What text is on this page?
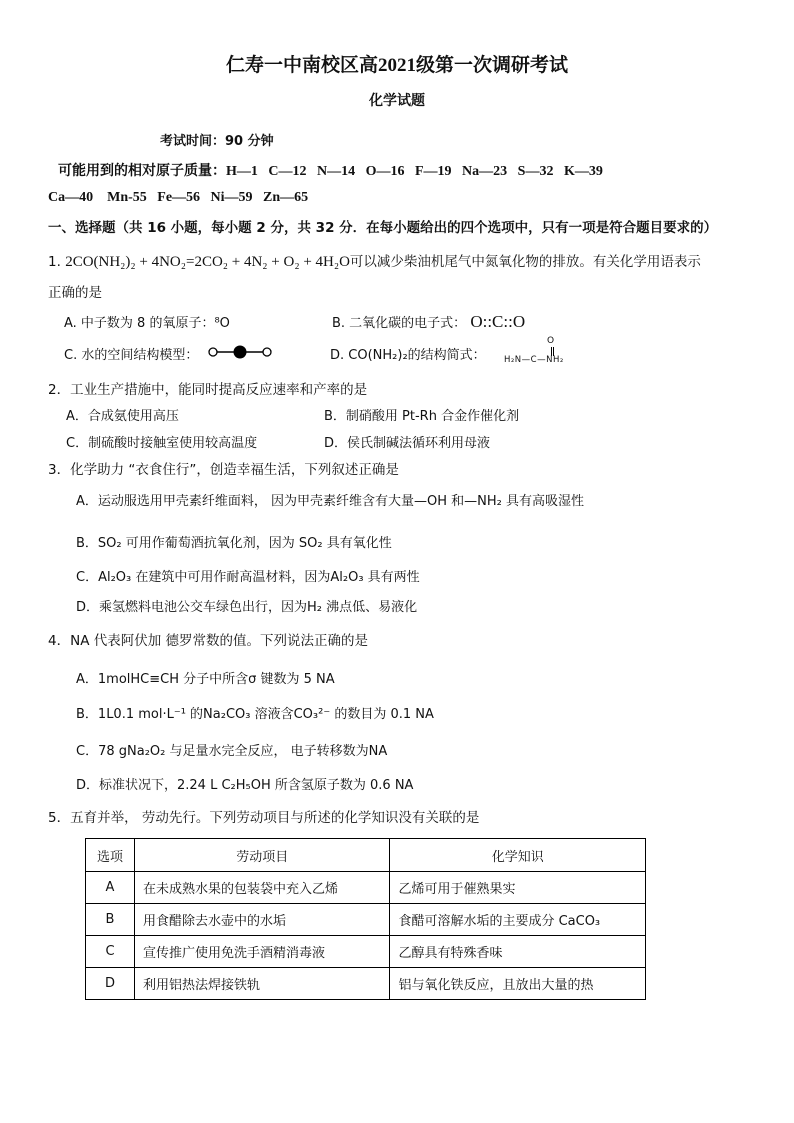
仁寿一中南校区高2021级第一次调研考试
化学试题
考试时间：90 分钟
可能用到的相对原子质量：H—1   C—12   N—14   O—16   F—19   Na—23   S—32   K—39
Ca—40    Mn-55   Fe—56   Ni—59   Zn—65
一、选择题（共 16 小题，每小题 2 分，共 32 分．在每小题给出的四个选项中，只有一项是符合题目要求的）
1. 2CO(NH₂)₂ + 4NO₂=2CO₂ + 4N₂ + O₂ + 4H₂O可以减少柴油机尾气中氮氧化物的排放。有关化学用语表示
正确的是
A. 中子数为 8 的氧原子：⁸O	B. 二氧化碳的电子式： O::C::O
C. 水的空间结构模型：	D. CO(NH₂)₂的结构简式：
O
H₂N—C—NH₂
2．工业生产措施中，能同时提高反应速率和产率的是
A．合成氨使用高压	B．制硝酸用 Pt-Rh 合金作催化剂
C．制硫酸时接触室使用较高温度	D．侯氏制碱法循环利用母液
3．化学助力 “衣食住行”，创造幸福生活，下列叙述正确是
A．运动服选用甲壳素纤维面料， 因为甲壳素纤维含有大量—OH 和—NH₂ 具有高吸湿性
B．SO₂ 可用作葡萄酒抗氧化剂，因为 SO₂ 具有氧化性
C．Al₂O₃ 在建筑中可用作耐高温材料，因为Al₂O₃ 具有两性
D．乘氢燃料电池公交车绿色出行，因为H₂ 沸点低、易液化
4．NA 代表阿伏加 德罗常数的值。下列说法正确的是
A．1molHC≡CH 分子中所含σ 键数为 5 NA
B．1L0.1 mol·L⁻¹ 的Na₂CO₃ 溶液含CO₃²⁻ 的数目为 0.1 NA
C．78 gNa₂O₂ 与足量水完全反应， 电子转移数为NA
D．标准状况下，2.24 L C₂H₅OH 所含氢原子数为 0.6 NA
5．五育并举， 劳动先行。下列劳动项目与所述的化学知识没有关联的是
选项	劳动项目	化学知识
A	在未成熟水果的包装袋中充入乙烯	乙烯可用于催熟果实
B	用食醋除去水壶中的水垢	食醋可溶解水垢的主要成分 CaCO₃
C	宣传推广使用免洗手酒精消毒液	乙醇具有特殊香味
D	利用铝热法焊接铁轨	铝与氧化铁反应，且放出大量的热
